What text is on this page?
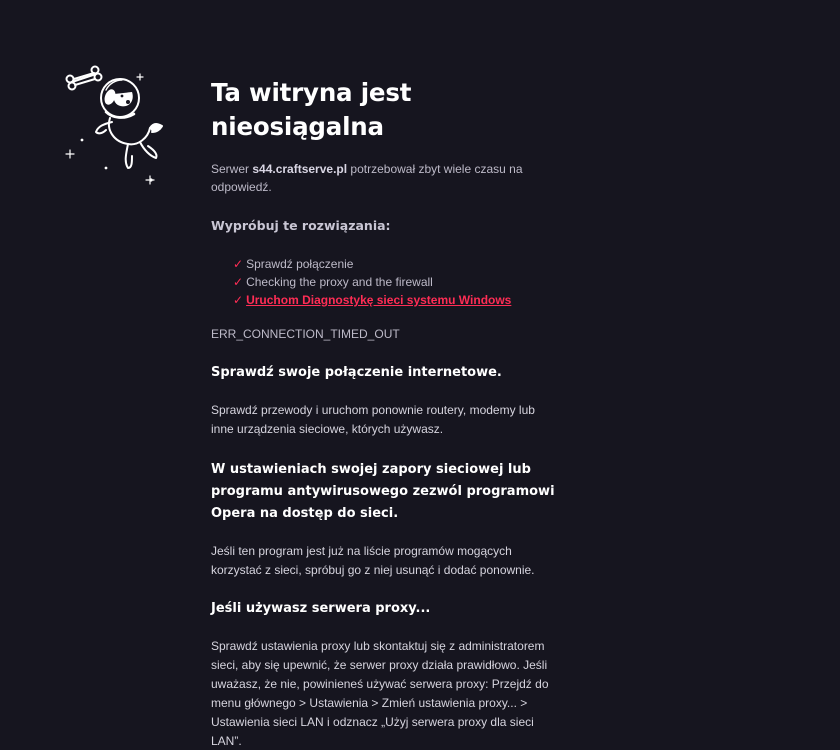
Ta witryna jest nieosiągalna

Serwer s44.craftserve.pl potrzebował zbyt wiele czasu na odpowiedź.

Wypróbuj te rozwiązania:
✓ Sprawdź połączenie
✓ Checking the proxy and the firewall
✓ Uruchom Diagnostykę sieci systemu Windows
ERR_CONNECTION_TIMED_OUT
Sprawdź swoje połączenie internetowe.

Sprawdź przewody i uruchom ponownie routery, modemy lub inne urządzenia sieciowe, których używasz.

W ustawieniach swojej zapory sieciowej lub programu antywirusowego zezwól programowi Opera na dostęp do sieci.

Jeśli ten program jest już na liście programów mogących korzystać z sieci, spróbuj go z niej usunąć i dodać ponownie.

Jeśli używasz serwera proxy...

Sprawdź ustawienia proxy lub skontaktuj się z administratorem sieci, aby się upewnić, że serwer proxy działa prawidłowo. Jeśli uważasz, że nie, powinieneś używać serwera proxy: Przejdź do menu głównego > Ustawienia > Zmień ustawienia proxy... > Ustawienia sieci LAN i odznacz „Użyj serwera proxy dla sieci LAN”.
